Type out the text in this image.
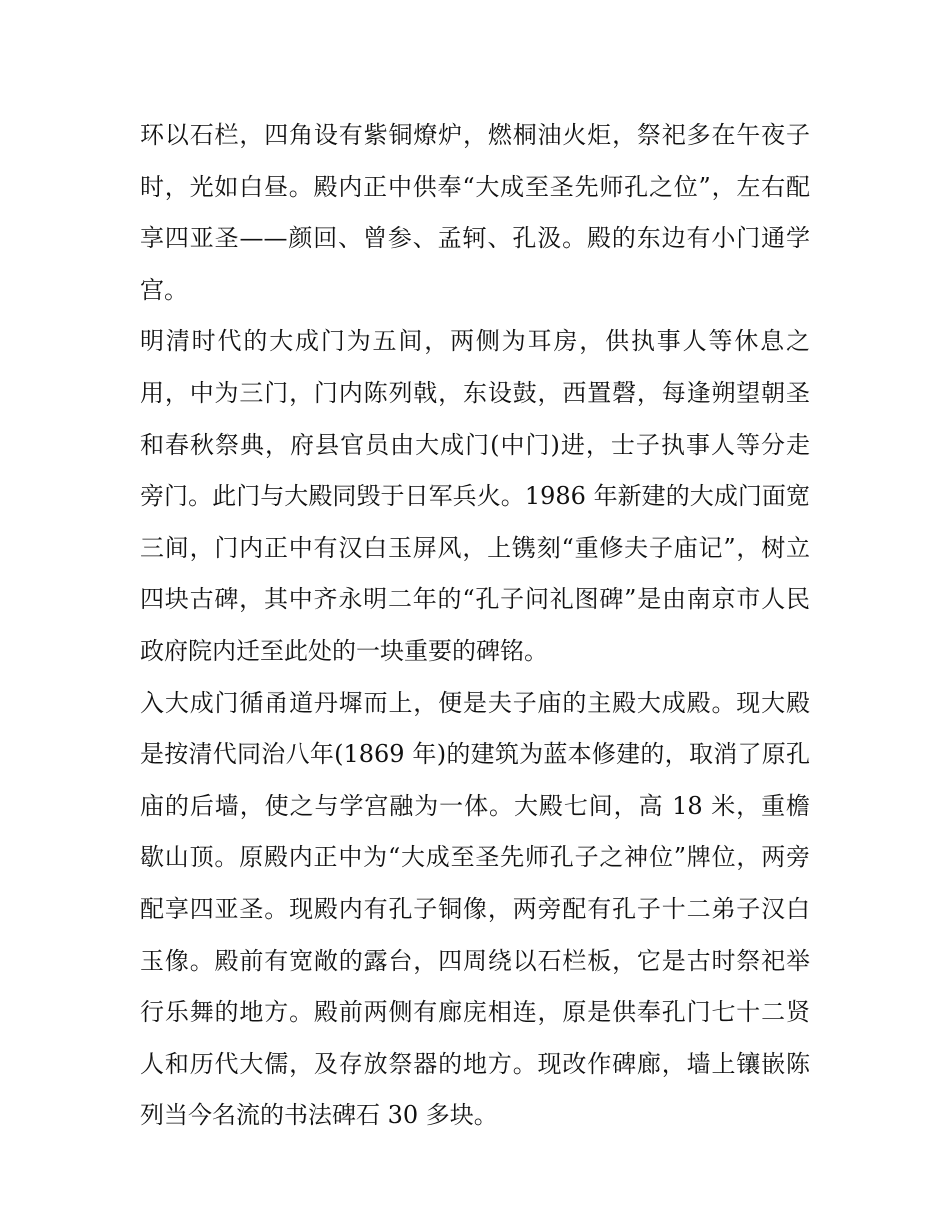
环以石栏，四角设有紫铜燎炉，燃桐油火炬，祭祀多在午夜子
时，光如白昼。殿内正中供奉“大成至圣先师孔之位”，左右配
享四亚圣——颜回、曾参、孟轲、孔汲。殿的东边有小门通学
宫。
明清时代的大成门为五间，两侧为耳房，供执事人等休息之
用，中为三门，门内陈列戟，东设鼓，西置磬，每逢朔望朝圣
和春秋祭典，府县官员由大成门(中门)进，士子执事人等分走
旁门。此门与大殿同毁于日军兵火。1986 年新建的大成门面宽
三间，门内正中有汉白玉屏风，上镌刻“重修夫子庙记”，树立
四块古碑，其中齐永明二年的“孔子问礼图碑”是由南京市人民
政府院内迁至此处的一块重要的碑铭。
入大成门循甬道丹墀而上，便是夫子庙的主殿大成殿。现大殿
是按清代同治八年(1869 年)的建筑为蓝本修建的，取消了原孔
庙的后墙，使之与学宫融为一体。大殿七间，高 18 米，重檐
歇山顶。原殿内正中为“大成至圣先师孔子之神位”牌位，两旁
配享四亚圣。现殿内有孔子铜像，两旁配有孔子十二弟子汉白
玉像。殿前有宽敞的露台，四周绕以石栏板，它是古时祭祀举
行乐舞的地方。殿前两侧有廊庑相连，原是供奉孔门七十二贤
人和历代大儒，及存放祭器的地方。现改作碑廊，墙上镶嵌陈
列当今名流的书法碑石 30 多块。
